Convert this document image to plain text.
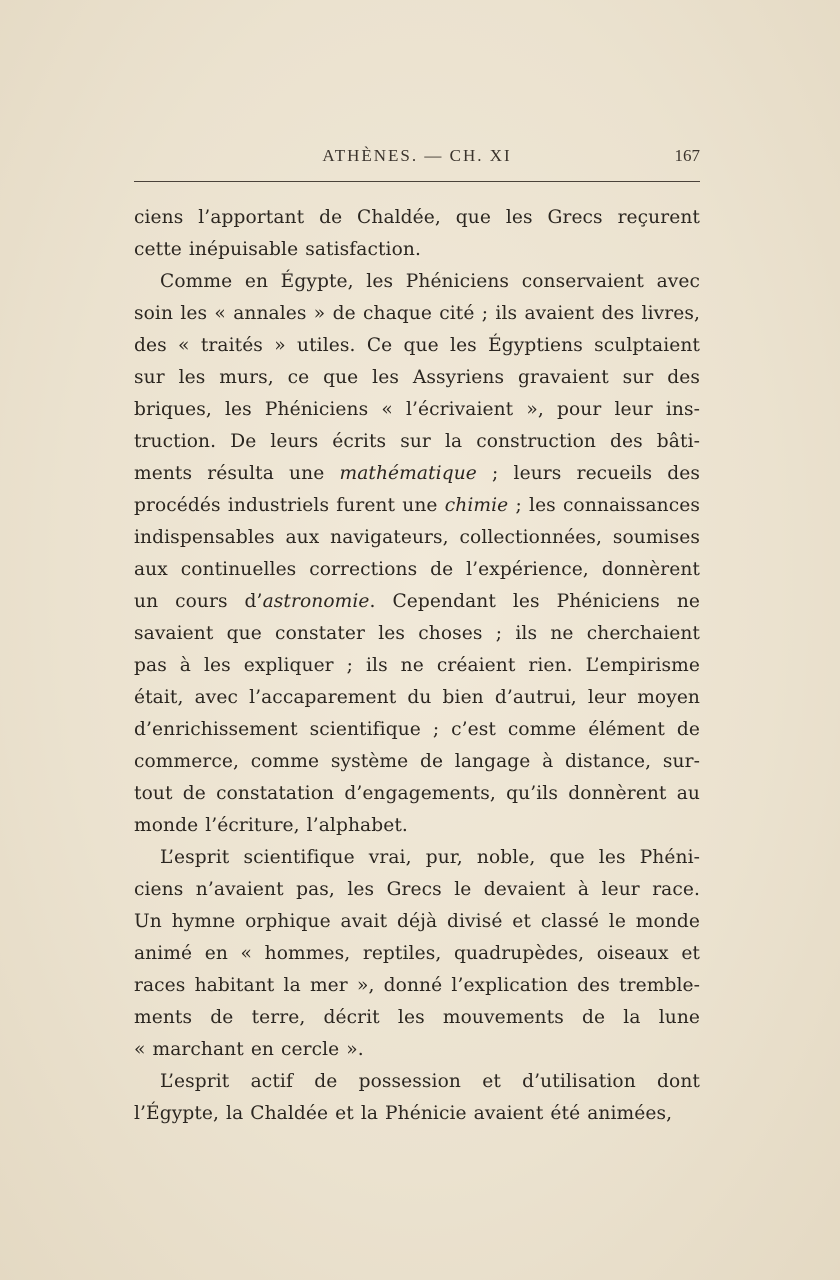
ATHÈNES. — CH. XI	167
ciens l’apportant de Chaldée, que les Grecs reçurent
cette inépuisable satisfaction.
Comme en Égypte, les Phéniciens conservaient avec
soin les « annales » de chaque cité ; ils avaient des livres,
des « traités » utiles. Ce que les Égyptiens sculptaient
sur les murs, ce que les Assyriens gravaient sur des
briques, les Phéniciens « l’écrivaient », pour leur ins-
truction. De leurs écrits sur la construction des bâti-
ments résulta une mathématique ; leurs recueils des
procédés industriels furent une chimie ; les connaissances
indispensables aux navigateurs, collectionnées, soumises
aux continuelles corrections de l’expérience, donnèrent
un cours d’astronomie. Cependant les Phéniciens ne
savaient que constater les choses ; ils ne cherchaient
pas à les expliquer ; ils ne créaient rien. L’empirisme
était, avec l’accaparement du bien d’autrui, leur moyen
d’enrichissement scientifique ; c’est comme élément de
commerce, comme système de langage à distance, sur-
tout de constatation d’engagements, qu’ils donnèrent au
monde l’écriture, l’alphabet.
L’esprit scientifique vrai, pur, noble, que les Phéni-
ciens n’avaient pas, les Grecs le devaient à leur race.
Un hymne orphique avait déjà divisé et classé le monde
animé en « hommes, reptiles, quadrupèdes, oiseaux et
races habitant la mer », donné l’explication des tremble-
ments de terre, décrit les mouvements de la lune
« marchant en cercle ».
L’esprit actif de possession et d’utilisation dont
l’Égypte, la Chaldée et la Phénicie avaient été animées,
